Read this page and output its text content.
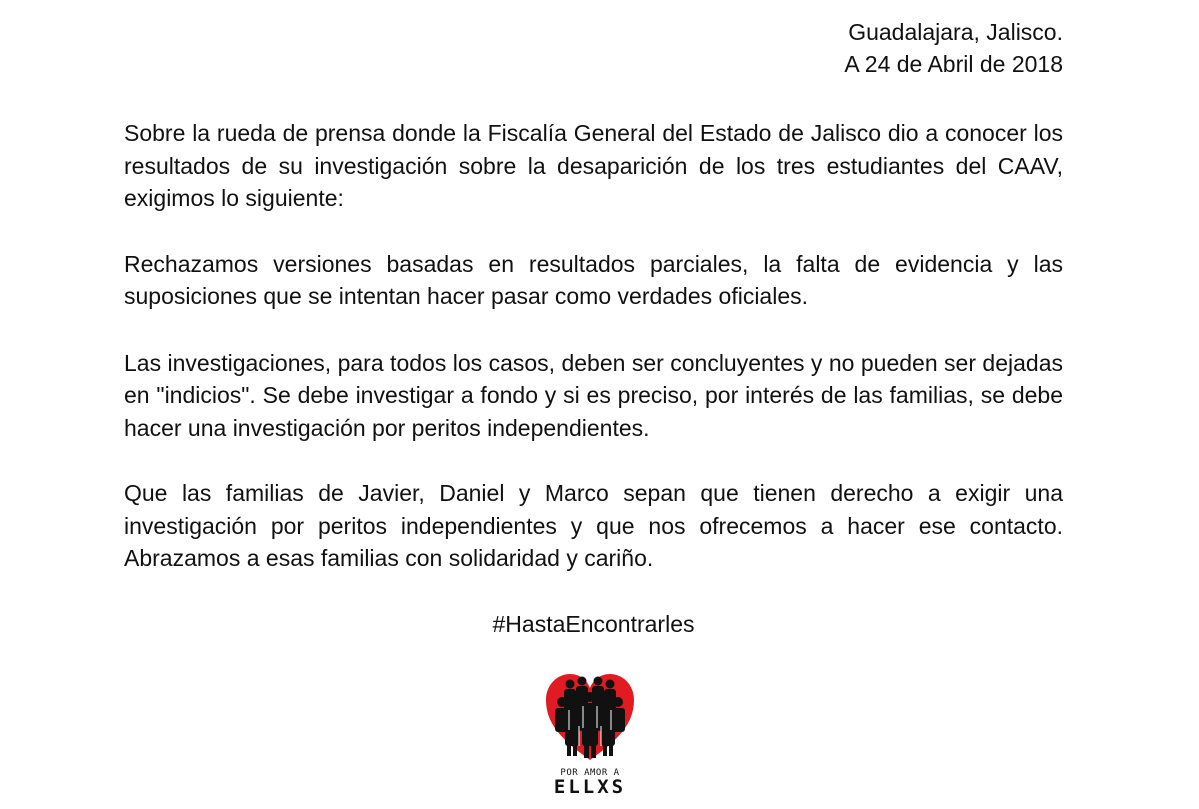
Guadalajara, Jalisco.
A 24 de Abril de 2018

Sobre la rueda de prensa donde la Fiscalía General del Estado de Jalisco dio a conocer los resultados de su investigación sobre la desaparición de los tres estudiantes del CAAV, exigimos lo siguiente:

Rechazamos versiones basadas en resultados parciales, la falta de evidencia y las suposiciones que se intentan hacer pasar como verdades oficiales.

Las investigaciones, para todos los casos, deben ser concluyentes y no pueden ser dejadas en "indicios". Se debe investigar a fondo y si es preciso, por interés de las familias, se debe hacer una investigación por peritos independientes.

Que las familias de Javier, Daniel y Marco sepan que tienen derecho a exigir una investigación por peritos independientes y que nos ofrecemos a hacer ese contacto. Abrazamos a esas familias con solidaridad y cariño.

#HastaEncontrarles
POR AMOR A
ELLXS
